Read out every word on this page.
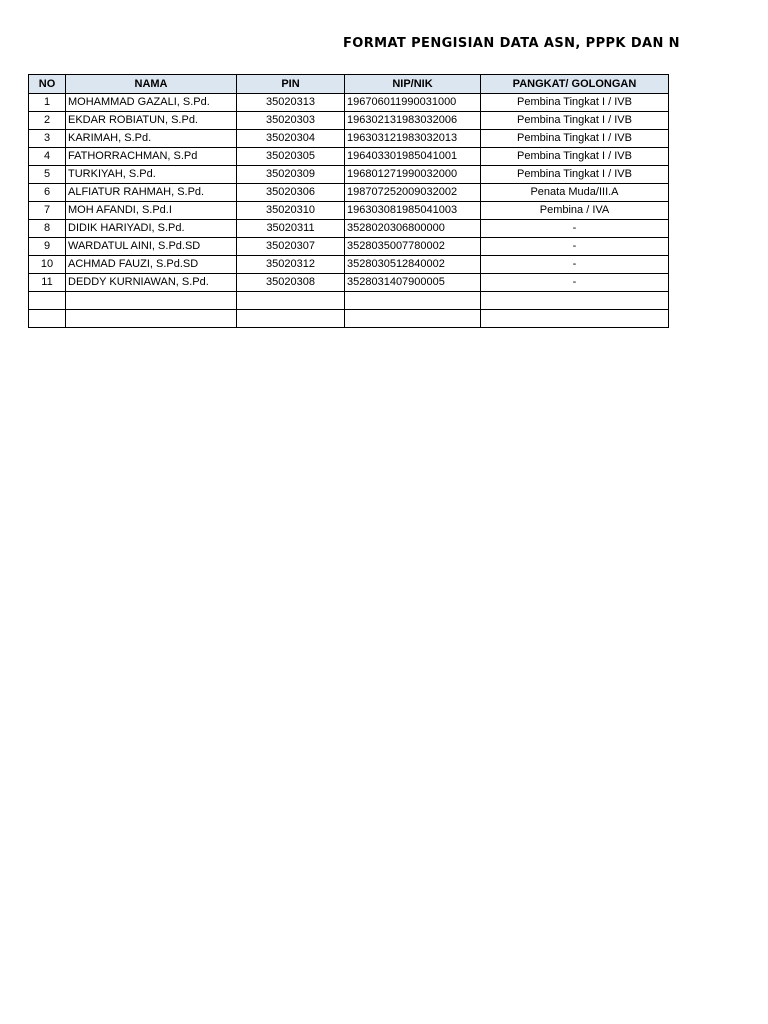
FORMAT PENGISIAN DATA ASN, PPPK DAN N
NO	NAMA	PIN	NIP/NIK	PANGKAT/ GOLONGAN
1	MOHAMMAD GAZALI, S.Pd.	35020313	196706011990031000	Pembina Tingkat I / IVB
2	EKDAR ROBIATUN, S.Pd.	35020303	196302131983032006	Pembina Tingkat I / IVB
3	KARIMAH, S.Pd.	35020304	196303121983032013	Pembina Tingkat I / IVB
4	FATHORRACHMAN, S.Pd	35020305	196403301985041001	Pembina Tingkat I / IVB
5	TURKIYAH, S.Pd.	35020309	196801271990032000	Pembina Tingkat I / IVB
6	ALFIATUR RAHMAH, S.Pd.	35020306	198707252009032002	Penata Muda/III.A
7	MOH AFANDI, S.Pd.I	35020310	196303081985041003	Pembina / IVA
8	DIDIK HARIYADI, S.Pd.	35020311	3528020306800000	-
9	WARDATUL AINI, S.Pd.SD	35020307	3528035007780002	-
10	ACHMAD FAUZI, S.Pd.SD	35020312	3528030512840002	-
11	DEDDY KURNIAWAN, S.Pd.	35020308	3528031407900005	-
